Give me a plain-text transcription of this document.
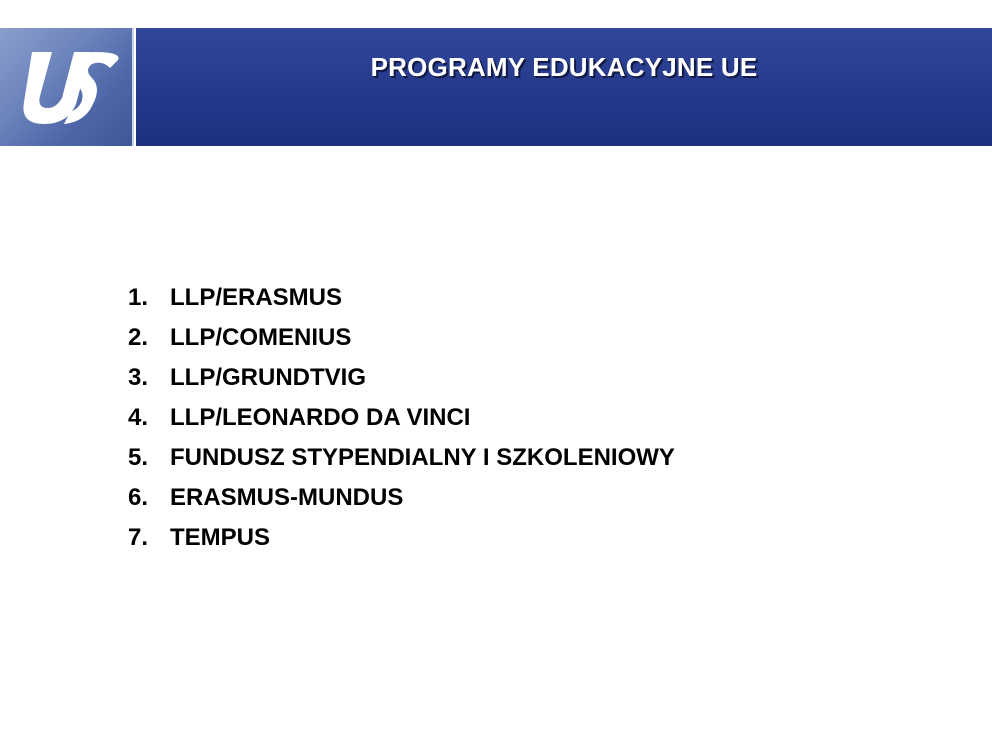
PROGRAMY EDUKACYJNE UE
1. LLP/ERASMUS
2. LLP/COMENIUS
3. LLP/GRUNDTVIG
4. LLP/LEONARDO DA VINCI
5. FUNDUSZ STYPENDIALNY I SZKOLENIOWY
6. ERASMUS-MUNDUS
7. TEMPUS
